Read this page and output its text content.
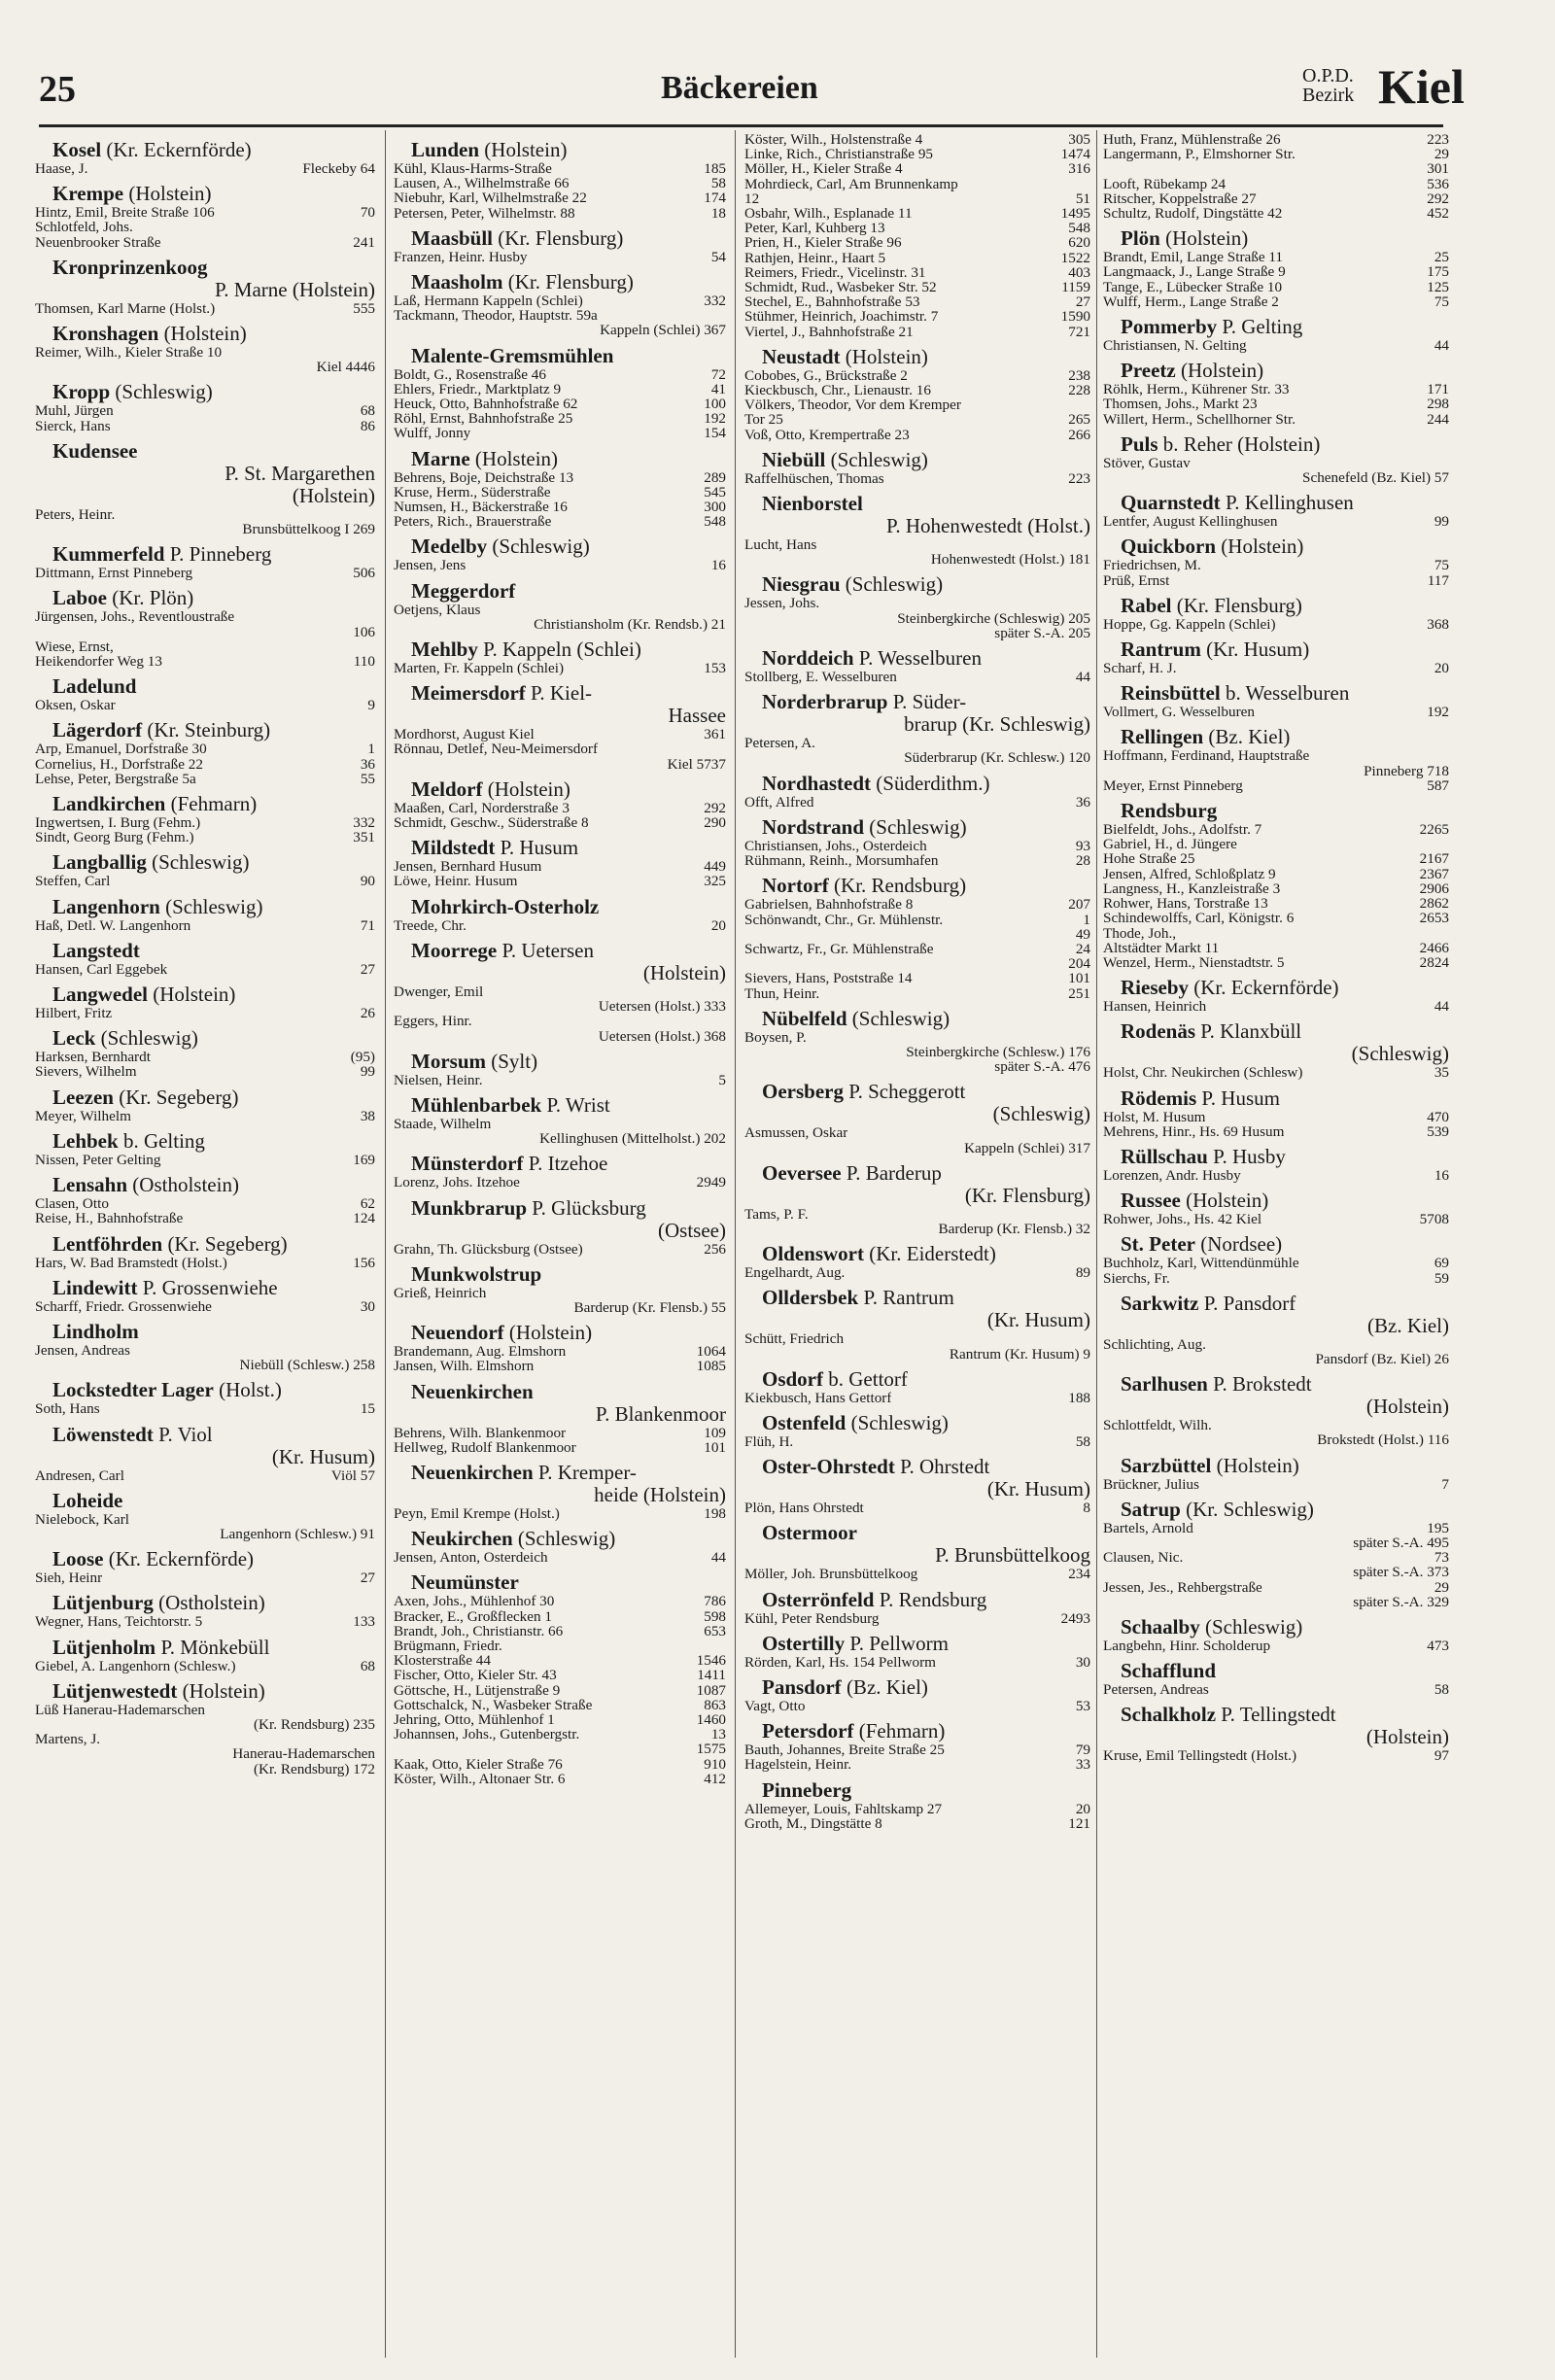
25	Bäckereien	O.P.D.
Bezirk Kiel
Kosel (Kr. Eckernförde)
Haase, J.	Fleckeby 64
Krempe (Holstein)
Hintz, Emil, Breite Straße 106	70
Schlotfeld, Johs.
Neuenbrooker Straße	241
Kronprinzenkoog
P. Marne (Holstein)
Thomsen, Karl Marne (Holst.)	555
Kronshagen (Holstein)
Reimer, Wilh., Kieler Straße 10
Kiel 4446
Kropp (Schleswig)
Muhl, Jürgen	68
Sierck, Hans	86
Kudensee
P. St. Margarethen
(Holstein)
Peters, Heinr.
Brunsbüttelkoog I 269
Kummerfeld P. Pinneberg
Dittmann, Ernst Pinneberg	506
Laboe (Kr. Plön)
Jürgensen, Johs., Reventloustraße
106
Wiese, Ernst,
Heikendorfer Weg 13	110
Ladelund
Oksen, Oskar	9
Lägerdorf (Kr. Steinburg)
Arp, Emanuel, Dorfstraße 30	1
Cornelius, H., Dorfstraße 22	36
Lehse, Peter, Bergstraße 5a	55
Landkirchen (Fehmarn)
Ingwertsen, I. Burg (Fehm.)	332
Sindt, Georg Burg (Fehm.)	351
Langballig (Schleswig)
Steffen, Carl	90
Langenhorn (Schleswig)
Haß, Detl. W. Langenhorn	71
Langstedt
Hansen, Carl Eggebek	27
Langwedel (Holstein)
Hilbert, Fritz	26
Leck (Schleswig)
Harksen, Bernhardt	(95)
Sievers, Wilhelm	99
Leezen (Kr. Segeberg)
Meyer, Wilhelm	38
Lehbek b. Gelting
Nissen, Peter Gelting	169
Lensahn (Ostholstein)
Clasen, Otto	62
Reise, H., Bahnhofstraße	124
Lentföhrden (Kr. Segeberg)
Hars, W. Bad Bramstedt (Holst.)	156
Lindewitt P. Grossenwiehe
Scharff, Friedr. Grossenwiehe	30
Lindholm
Jensen, Andreas
Niebüll (Schlesw.) 258
Lockstedter Lager (Holst.)
Soth, Hans	15
Löwenstedt P. Viol
(Kr. Husum)
Andresen, Carl	Viöl 57
Loheide
Nielebock, Karl
Langenhorn (Schlesw.) 91
Loose (Kr. Eckernförde)
Sieh, Heinr	27
Lütjenburg (Ostholstein)
Wegner, Hans, Teichtorstr. 5	133
Lütjenholm P. Mönkebüll
Giebel, A. Langenhorn (Schlesw.)	68
Lütjenwestedt (Holstein)
Lüß Hanerau-Hademarschen
(Kr. Rendsburg) 235
Martens, J.
Hanerau-Hademarschen
(Kr. Rendsburg) 172
Lunden (Holstein)
Kühl, Klaus-Harms-Straße	185
Lausen, A., Wilhelmstraße 66	58
Niebuhr, Karl, Wilhelmstraße 22	174
Petersen, Peter, Wilhelmstr. 88	18
Maasbüll (Kr. Flensburg)
Franzen, Heinr. Husby	54
Maasholm (Kr. Flensburg)
Laß, Hermann Kappeln (Schlei)	332
Tackmann, Theodor, Hauptstr. 59a
Kappeln (Schlei) 367
Malente-Gremsmühlen
Boldt, G., Rosenstraße 46	72
Ehlers, Friedr., Marktplatz 9	41
Heuck, Otto, Bahnhofstraße 62	100
Röhl, Ernst, Bahnhofstraße 25	192
Wulff, Jonny	154
Marne (Holstein)
Behrens, Boje, Deichstraße 13	289
Kruse, Herm., Süderstraße	545
Numsen, H., Bäckerstraße 16	300
Peters, Rich., Brauerstraße	548
Medelby (Schleswig)
Jensen, Jens	16
Meggerdorf
Oetjens, Klaus
Christiansholm (Kr. Rendsb.) 21
Mehlby P. Kappeln (Schlei)
Marten, Fr. Kappeln (Schlei)	153
Meimersdorf P. Kiel-
Hassee
Mordhorst, August Kiel	361
Rönnau, Detlef, Neu-Meimersdorf
Kiel 5737
Meldorf (Holstein)
Maaßen, Carl, Norderstraße 3	292
Schmidt, Geschw., Süderstraße 8	290
Mildstedt P. Husum
Jensen, Bernhard Husum	449
Löwe, Heinr. Husum	325
Mohrkirch-Osterholz
Treede, Chr.	20
Moorrege P. Uetersen
(Holstein)
Dwenger, Emil
Uetersen (Holst.) 333
Eggers, Hinr.
Uetersen (Holst.) 368
Morsum (Sylt)
Nielsen, Heinr.	5
Mühlenbarbek P. Wrist
Staade, Wilhelm
Kellinghusen (Mittelholst.) 202
Münsterdorf P. Itzehoe
Lorenz, Johs. Itzehoe	2949
Munkbrarup P. Glücksburg
(Ostsee)
Grahn, Th. Glücksburg (Ostsee)	256
Munkwolstrup
Grieß, Heinrich
Barderup (Kr. Flensb.) 55
Neuendorf (Holstein)
Brandemann, Aug. Elmshorn	1064
Jansen, Wilh. Elmshorn	1085
Neuenkirchen
P. Blankenmoor
Behrens, Wilh. Blankenmoor	109
Hellweg, Rudolf Blankenmoor	101
Neuenkirchen P. Kremper-
heide (Holstein)
Peyn, Emil Krempe (Holst.)	198
Neukirchen (Schleswig)
Jensen, Anton, Osterdeich	44
Neumünster
Axen, Johs., Mühlenhof 30	786
Bracker, E., Großflecken 1	598
Brandt, Joh., Christianstr. 66	653
Brügmann, Friedr.
Klosterstraße 44	1546
Fischer, Otto, Kieler Str. 43	1411
Göttsche, H., Lütjenstraße 9	1087
Gottschalck, N., Wasbeker Straße	863
Jehring, Otto, Mühlenhof 1	1460
Johannsen, Johs., Gutenbergstr.	13
1575
Kaak, Otto, Kieler Straße 76	910
Köster, Wilh., Altonaer Str. 6	412
Köster, Wilh., Holstenstraße 4	305
Linke, Rich., Christianstraße 95	1474
Möller, H., Kieler Straße 4	316
Mohrdieck, Carl, Am Brunnenkamp
12	51
Osbahr, Wilh., Esplanade 11	1495
Peter, Karl, Kuhberg 13	548
Prien, H., Kieler Straße 96	620
Rathjen, Heinr., Haart 5	1522
Reimers, Friedr., Vicelinstr. 31	403
Schmidt, Rud., Wasbeker Str. 52	1159
Stechel, E., Bahnhofstraße 53	27
Stühmer, Heinrich, Joachimstr. 7	1590
Viertel, J., Bahnhofstraße 21	721
Neustadt (Holstein)
Cobobes, G., Brückstraße 2	238
Kieckbusch, Chr., Lienaustr. 16	228
Völkers, Theodor, Vor dem Kremper
Tor 25	265
Voß, Otto, Krempertraße 23	266
Niebüll (Schleswig)
Raffelhüschen, Thomas	223
Nienborstel
P. Hohenwestedt (Holst.)
Lucht, Hans
Hohenwestedt (Holst.) 181
Niesgrau (Schleswig)
Jessen, Johs.
Steinbergkirche (Schleswig) 205
später S.-A. 205
Norddeich P. Wesselburen
Stollberg, E. Wesselburen	44
Norderbrarup P. Süder-
brarup (Kr. Schleswig)
Petersen, A.
Süderbrarup (Kr. Schlesw.) 120
Nordhastedt (Süderdithm.)
Offt, Alfred	36
Nordstrand (Schleswig)
Christiansen, Johs., Osterdeich	93
Rühmann, Reinh., Morsumhafen	28
Nortorf (Kr. Rendsburg)
Gabrielsen, Bahnhofstraße 8	207
Schönwandt, Chr., Gr. Mühlenstr.	1
49
Schwartz, Fr., Gr. Mühlenstraße	24
204
Sievers, Hans, Poststraße 14	101
Thun, Heinr.	251
Nübelfeld (Schleswig)
Boysen, P.
Steinbergkirche (Schlesw.) 176
später S.-A. 476
Oersberg P. Scheggerott
(Schleswig)
Asmussen, Oskar
Kappeln (Schlei) 317
Oeversee P. Barderup
(Kr. Flensburg)
Tams, P. F.
Barderup (Kr. Flensb.) 32
Oldenswort (Kr. Eiderstedt)
Engelhardt, Aug.	89
Olldersbek P. Rantrum
(Kr. Husum)
Schütt, Friedrich
Rantrum (Kr. Husum) 9
Osdorf b. Gettorf
Kiekbusch, Hans Gettorf	188
Ostenfeld (Schleswig)
Flüh, H.	58
Oster-Ohrstedt P. Ohrstedt
(Kr. Husum)
Plön, Hans Ohrstedt	8
Ostermoor
P. Brunsbüttelkoog
Möller, Joh. Brunsbüttelkoog	234
Osterrönfeld P. Rendsburg
Kühl, Peter Rendsburg	2493
Ostertilly P. Pellworm
Rörden, Karl, Hs. 154 Pellworm	30
Pansdorf (Bz. Kiel)
Vagt, Otto	53
Petersdorf (Fehmarn)
Bauth, Johannes, Breite Straße 25	79
Hagelstein, Heinr.	33
Pinneberg
Allemeyer, Louis, Fahltskamp 27	20
Groth, M., Dingstätte 8	121
Huth, Franz, Mühlenstraße 26	223
Langermann, P., Elmshorner Str.	29
301
Looft, Rübekamp 24	536
Ritscher, Koppelstraße 27	292
Schultz, Rudolf, Dingstätte 42	452
Plön (Holstein)
Brandt, Emil, Lange Straße 11	25
Langmaack, J., Lange Straße 9	175
Tange, E., Lübecker Straße 10	125
Wulff, Herm., Lange Straße 2	75
Pommerby P. Gelting
Christiansen, N. Gelting	44
Preetz (Holstein)
Röhlk, Herm., Kührener Str. 33	171
Thomsen, Johs., Markt 23	298
Willert, Herm., Schellhorner Str.	244
Puls b. Reher (Holstein)
Stöver, Gustav
Schenefeld (Bz. Kiel) 57
Quarnstedt P. Kellinghusen
Lentfer, August Kellinghusen	99
Quickborn (Holstein)
Friedrichsen, M.	75
Prüß, Ernst	117
Rabel (Kr. Flensburg)
Hoppe, Gg. Kappeln (Schlei)	368
Rantrum (Kr. Husum)
Scharf, H. J.	20
Reinsbüttel b. Wesselburen
Vollmert, G. Wesselburen	192
Rellingen (Bz. Kiel)
Hoffmann, Ferdinand, Hauptstraße
Pinneberg 718
Meyer, Ernst Pinneberg	587
Rendsburg
Bielfeldt, Johs., Adolfstr. 7	2265
Gabriel, H., d. Jüngere
Hohe Straße 25	2167
Jensen, Alfred, Schloßplatz 9	2367
Langness, H., Kanzleistraße 3	2906
Rohwer, Hans, Torstraße 13	2862
Schindewolffs, Carl, Königstr. 6	2653
Thode, Joh.,
Altstädter Markt 11	2466
Wenzel, Herm., Nienstadtstr. 5	2824
Rieseby (Kr. Eckernförde)
Hansen, Heinrich	44
Rodenäs P. Klanxbüll
(Schleswig)
Holst, Chr. Neukirchen (Schlesw)	35
Rödemis P. Husum
Holst, M. Husum	470
Mehrens, Hinr., Hs. 69 Husum	539
Rüllschau P. Husby
Lorenzen, Andr. Husby	16
Russee (Holstein)
Rohwer, Johs., Hs. 42 Kiel	5708
St. Peter (Nordsee)
Buchholz, Karl, Wittendünmühle	69
Sierchs, Fr.	59
Sarkwitz P. Pansdorf
(Bz. Kiel)
Schlichting, Aug.
Pansdorf (Bz. Kiel) 26
Sarlhusen P. Brokstedt
(Holstein)
Schlottfeldt, Wilh.
Brokstedt (Holst.) 116
Sarzbüttel (Holstein)
Brückner, Julius	7
Satrup (Kr. Schleswig)
Bartels, Arnold	195
später S.-A. 495
Clausen, Nic.	73
später S.-A. 373
Jessen, Jes., Rehbergstraße	29
später S.-A. 329
Schaalby (Schleswig)
Langbehn, Hinr. Scholderup	473
Schafflund
Petersen, Andreas	58
Schalkholz P. Tellingstedt
(Holstein)
Kruse, Emil Tellingstedt (Holst.)	97
